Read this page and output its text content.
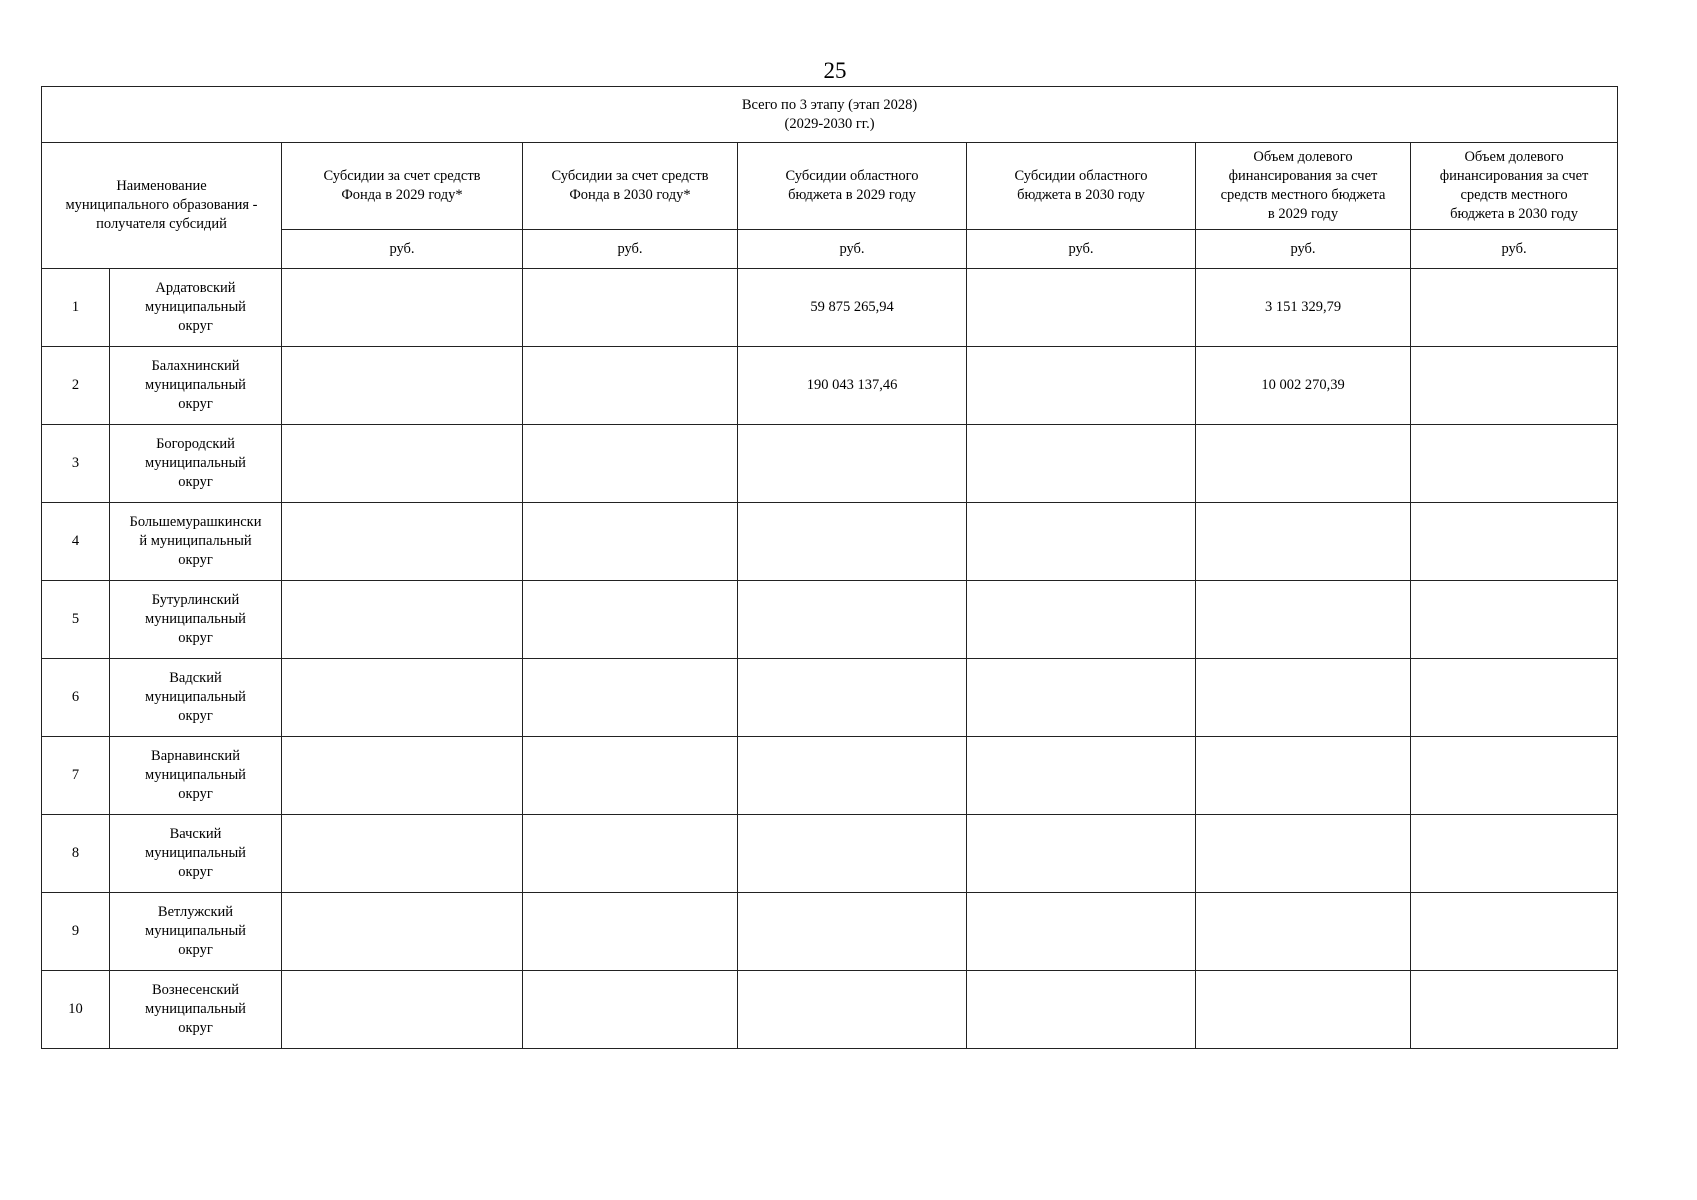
25
Всего по 3 этапу (этап 2028)
(2029-2030 гг.)							

Наименование
муниципального образования -
получателя субсидий		Субсидии за счет средств
Фонда в 2029 году*	Субсидии за счет средств
Фонда в 2030 году*	Субсидии областного
бюджета в 2029 году	Субсидии областного
бюджета в 2030 году	Объем долевого
финансирования за счет
средств местного бюджета
в 2029 году	Объем долевого
финансирования за счет
средств местного
бюджета в 2030 году

		руб.	руб.	руб.	руб.	руб.	руб.
1	Ардатовский
муниципальный
округ			59 875 265,94		3 151 329,79	
2	Балахнинский
муниципальный
округ			190 043 137,46		10 002 270,39	
3	Богородский
муниципальный
округ						

4	Большемурашкински
й муниципальный
округ						

5	Бутурлинский
муниципальный
округ						

6	Вадский
муниципальный
округ						

7	Варнавинский
муниципальный
округ						

8	Вачский
муниципальный
округ						

9	Ветлужский
муниципальный
округ						

10	Вознесенский
муниципальный
округ						
